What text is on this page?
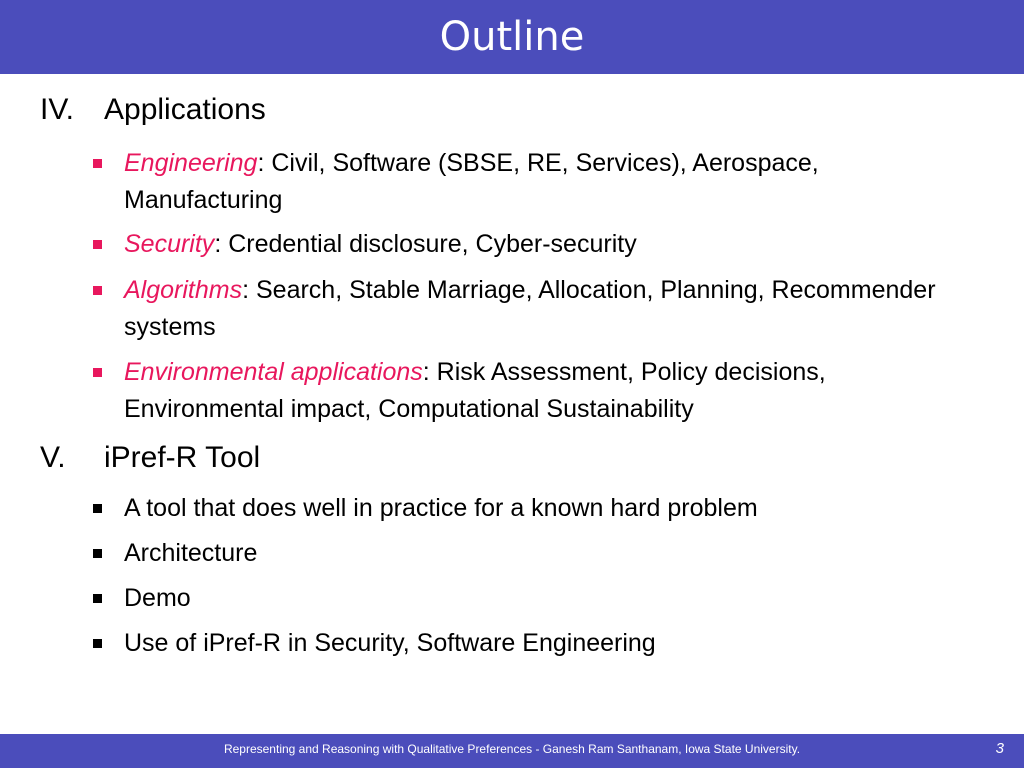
Outline
IV. Applications
Engineering: Civil, Software (SBSE, RE, Services), Aerospace, Manufacturing
Security: Credential disclosure, Cyber-security
Algorithms: Search, Stable Marriage, Allocation, Planning, Recommender systems
Environmental applications: Risk Assessment, Policy decisions, Environmental impact, Computational Sustainability
V. iPref-R Tool
A tool that does well in practice for a known hard problem
Architecture
Demo
Use of iPref-R in Security, Software Engineering
Representing and Reasoning with Qualitative Preferences - Ganesh Ram Santhanam, Iowa State University.	3
